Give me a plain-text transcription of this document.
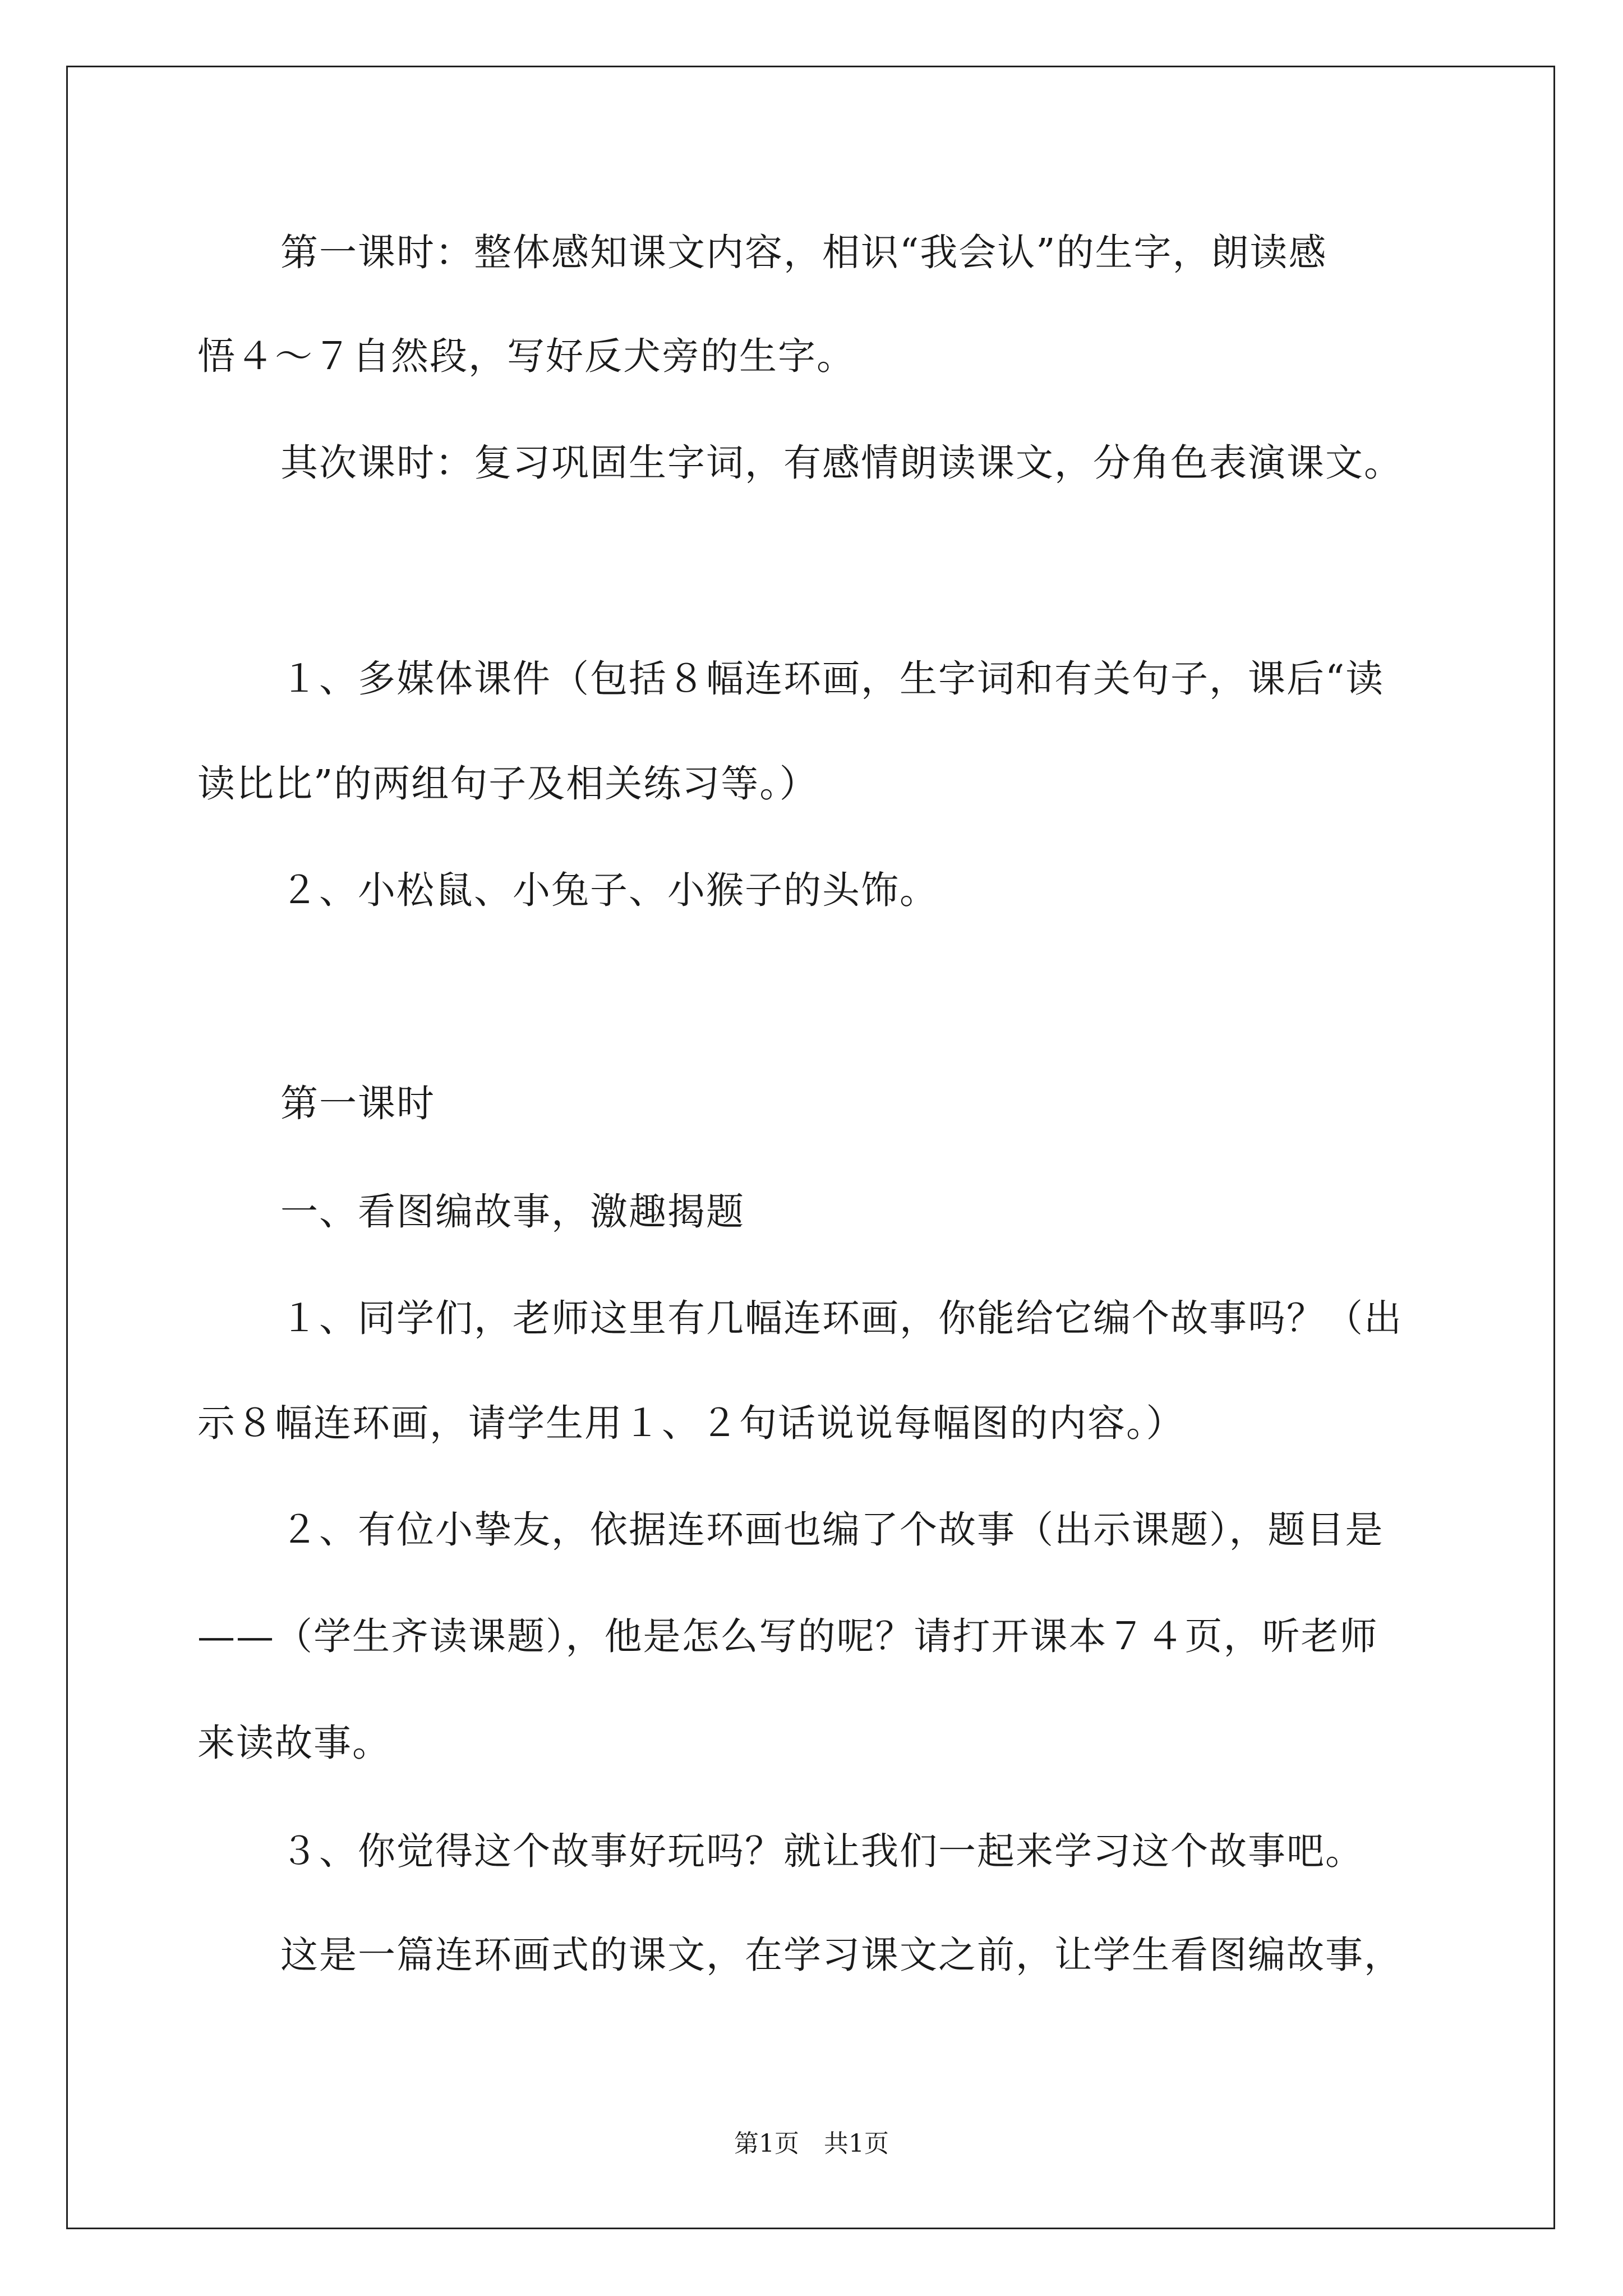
第一课时：整体感知课文内容，相识“我会认”的生字，朗读感

悟４～７自然段，写好反犬旁的生字。

其次课时：复习巩固生字词，有感情朗读课文，分角色表演课文。

１、多媒体课件（包括８幅连环画，生字词和有关句子，课后“读

读比比”的两组句子及相关练习等。）

２、小松鼠、小兔子、小猴子的头饰。

第一课时

一、看图编故事，激趣揭题

１、同学们，老师这里有几幅连环画，你能给它编个故事吗？（出

示８幅连环画，请学生用１、２句话说说每幅图的内容。）

２、有位小挚友，依据连环画也编了个故事（出示课题），题目是

——（学生齐读课题），他是怎么写的呢？请打开课本７４页，听老师

来读故事。

３、你觉得这个故事好玩吗？就让我们一起来学习这个故事吧。

这是一篇连环画式的课文，在学习课文之前，让学生看图编故事，

第1页　共1页
